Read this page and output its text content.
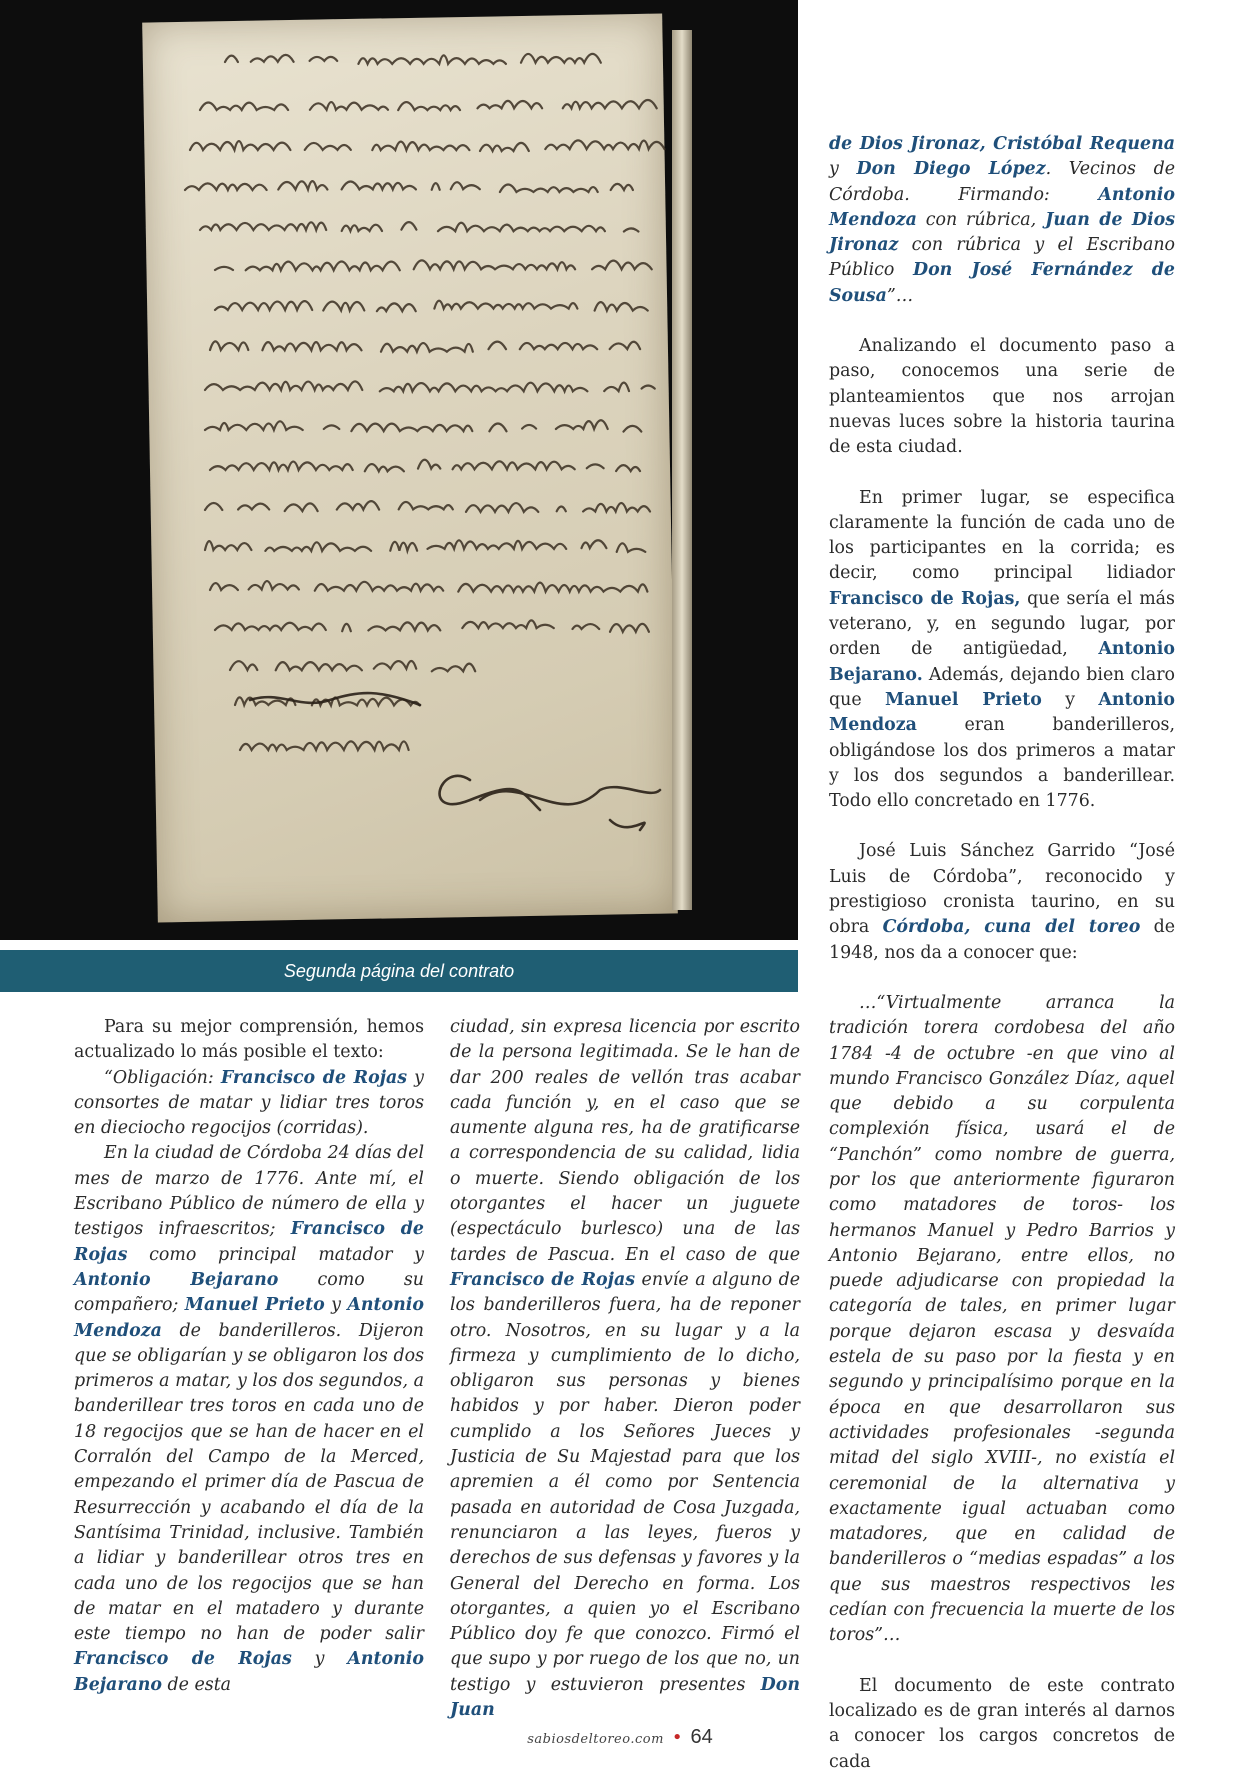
Segunda página del contrato

Para su mejor comprensión, hemos actualizado lo más posible el texto:

“Obligación: Francisco de Rojas y consortes de matar y lidiar tres toros en dieciocho regocijos (corridas).

En la ciudad de Córdoba 24 días del mes de marzo de 1776. Ante mí, el Escribano Público de número de ella y testigos infraescritos; Francisco de Rojas como principal matador y Antonio Bejarano como su compañero; Manuel Prieto y Antonio Mendoza de banderilleros. Dijeron que se obligarían y se obligaron los dos primeros a matar, y los dos segundos, a banderillear tres toros en cada uno de 18 regocijos que se han de hacer en el Corralón del Campo de la Merced, empezando el primer día de Pascua de Resurrección y acabando el día de la Santísima Trinidad, inclusive. También a lidiar y banderillear otros tres en cada uno de los regocijos que se han de matar en el matadero y durante este tiempo no han de poder salir Francisco de Rojas y Antonio Bejarano de esta

ciudad, sin expresa licencia por escrito de la persona legitimada. Se le han de dar 200 reales de vellón tras acabar cada función y, en el caso que se aumente alguna res, ha de gratificarse a correspondencia de su calidad, lidia o muerte. Siendo obligación de los otorgantes el hacer un juguete (espectáculo burlesco) una de las tardes de Pascua. En el caso de que Francisco de Rojas envíe a alguno de los banderilleros fuera, ha de reponer otro. Nosotros, en su lugar y a la firmeza y cumplimiento de lo dicho, obligaron sus personas y bienes habidos y por haber. Dieron poder cumplido a los Señores Jueces y Justicia de Su Majestad para que los apremien a él como por Sentencia pasada en autoridad de Cosa Juzgada, renunciaron a las leyes, fueros y derechos de sus defensas y favores y la General del Derecho en forma. Los otorgantes, a quien yo el Escribano Público doy fe que conozco. Firmó el que supo y por ruego de los que no, un testigo y estuvieron presentes Don Juan

de Dios Jironaz, Cristóbal Requena y Don Diego López. Vecinos de Córdoba. Firmando: Antonio Mendoza con rúbrica, Juan de Dios Jironaz con rúbrica y el Escribano Público Don José Fernández de Sousa”…

Analizando el documento paso a paso, conocemos una serie de planteamientos que nos arrojan nuevas luces sobre la historia taurina de esta ciudad.

En primer lugar, se especifica claramente la función de cada uno de los participantes en la corrida; es decir, como principal lidiador Francisco de Rojas, que sería el más veterano, y, en segundo lugar, por orden de antigüedad, Antonio Bejarano. Además, dejando bien claro que Manuel Prieto y Antonio Mendoza eran banderilleros, obligándose los dos primeros a matar y los dos segundos a banderillear. Todo ello concretado en 1776.

José Luis Sánchez Garrido “José Luis de Córdoba”, reconocido y prestigioso cronista taurino, en su obra Córdoba, cuna del toreo de 1948, nos da a conocer que:

…“Virtualmente arranca la tradición torera cordobesa del año 1784 -4 de octubre -en que vino al mundo Francisco González Díaz, aquel que debido a su corpulenta complexión física, usará el de “Panchón” como nombre de guerra, por los que anteriormente figuraron como matadores de toros- los hermanos Manuel y Pedro Barrios y Antonio Bejarano, entre ellos, no puede adjudicarse con propiedad la categoría de tales, en primer lugar porque dejaron escasa y desvaída estela de su paso por la fiesta y en segundo y principalísimo porque en la época en que desarrollaron sus actividades profesionales -segunda mitad del siglo XVIII-, no existía el ceremonial de la alternativa y exactamente igual actuaban como matadores, que en calidad de banderilleros o “medias espadas” a los que sus maestros respectivos les cedían con frecuencia la muerte de los toros”…

El documento de este contrato localizado es de gran interés al darnos a conocer los cargos concretos de cada

sabiosdeltoreo.com • 64
